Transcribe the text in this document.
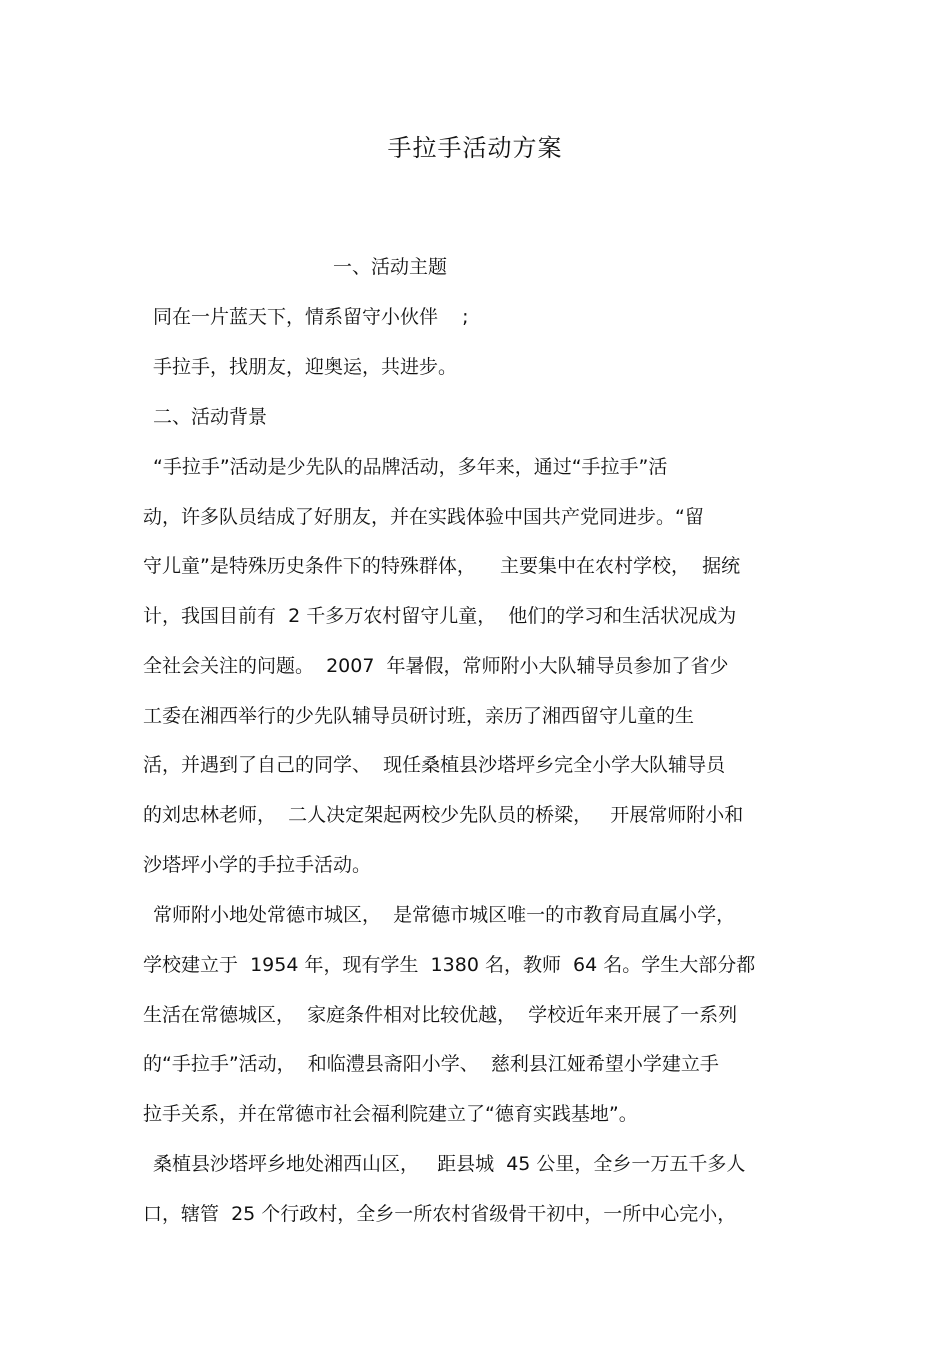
手拉手活动方案
一、活动主题
同在一片蓝天下，情系留守小伙伴    ;
手拉手，找朋友，迎奥运，共进步。
二、活动背景
“手拉手”活动是少先队的品牌活动，多年来，通过“手拉手”活
动，许多队员结成了好朋友，并在实践体验中国共产党同进步。“留
守儿童”是特殊历史条件下的特殊群体，    主要集中在农村学校，  据统
计，我国目前有  2 千多万农村留守儿童，  他们的学习和生活状况成为
全社会关注的问题。  2007  年暑假，常师附小大队辅导员参加了省少
工委在湘西举行的少先队辅导员研讨班，亲历了湘西留守儿童的生
活，并遇到了自己的同学、  现任桑植县沙塔坪乡完全小学大队辅导员
的刘忠林老师，  二人决定架起两校少先队员的桥梁，   开展常师附小和
沙塔坪小学的手拉手活动。
常师附小地处常德市城区，  是常德市城区唯一的市教育局直属小学，
学校建立于  1954 年，现有学生  1380 名，教师  64 名。学生大部分都
生活在常德城区，  家庭条件相对比较优越，  学校近年来开展了一系列
的“手拉手”活动，  和临澧县斋阳小学、  慈利县江娅希望小学建立手
拉手关系，并在常德市社会福利院建立了“德育实践基地”。
桑植县沙塔坪乡地处湘西山区，   距县城  45 公里，全乡一万五千多人
口，辖管  25 个行政村，全乡一所农村省级骨干初中，一所中心完小，
